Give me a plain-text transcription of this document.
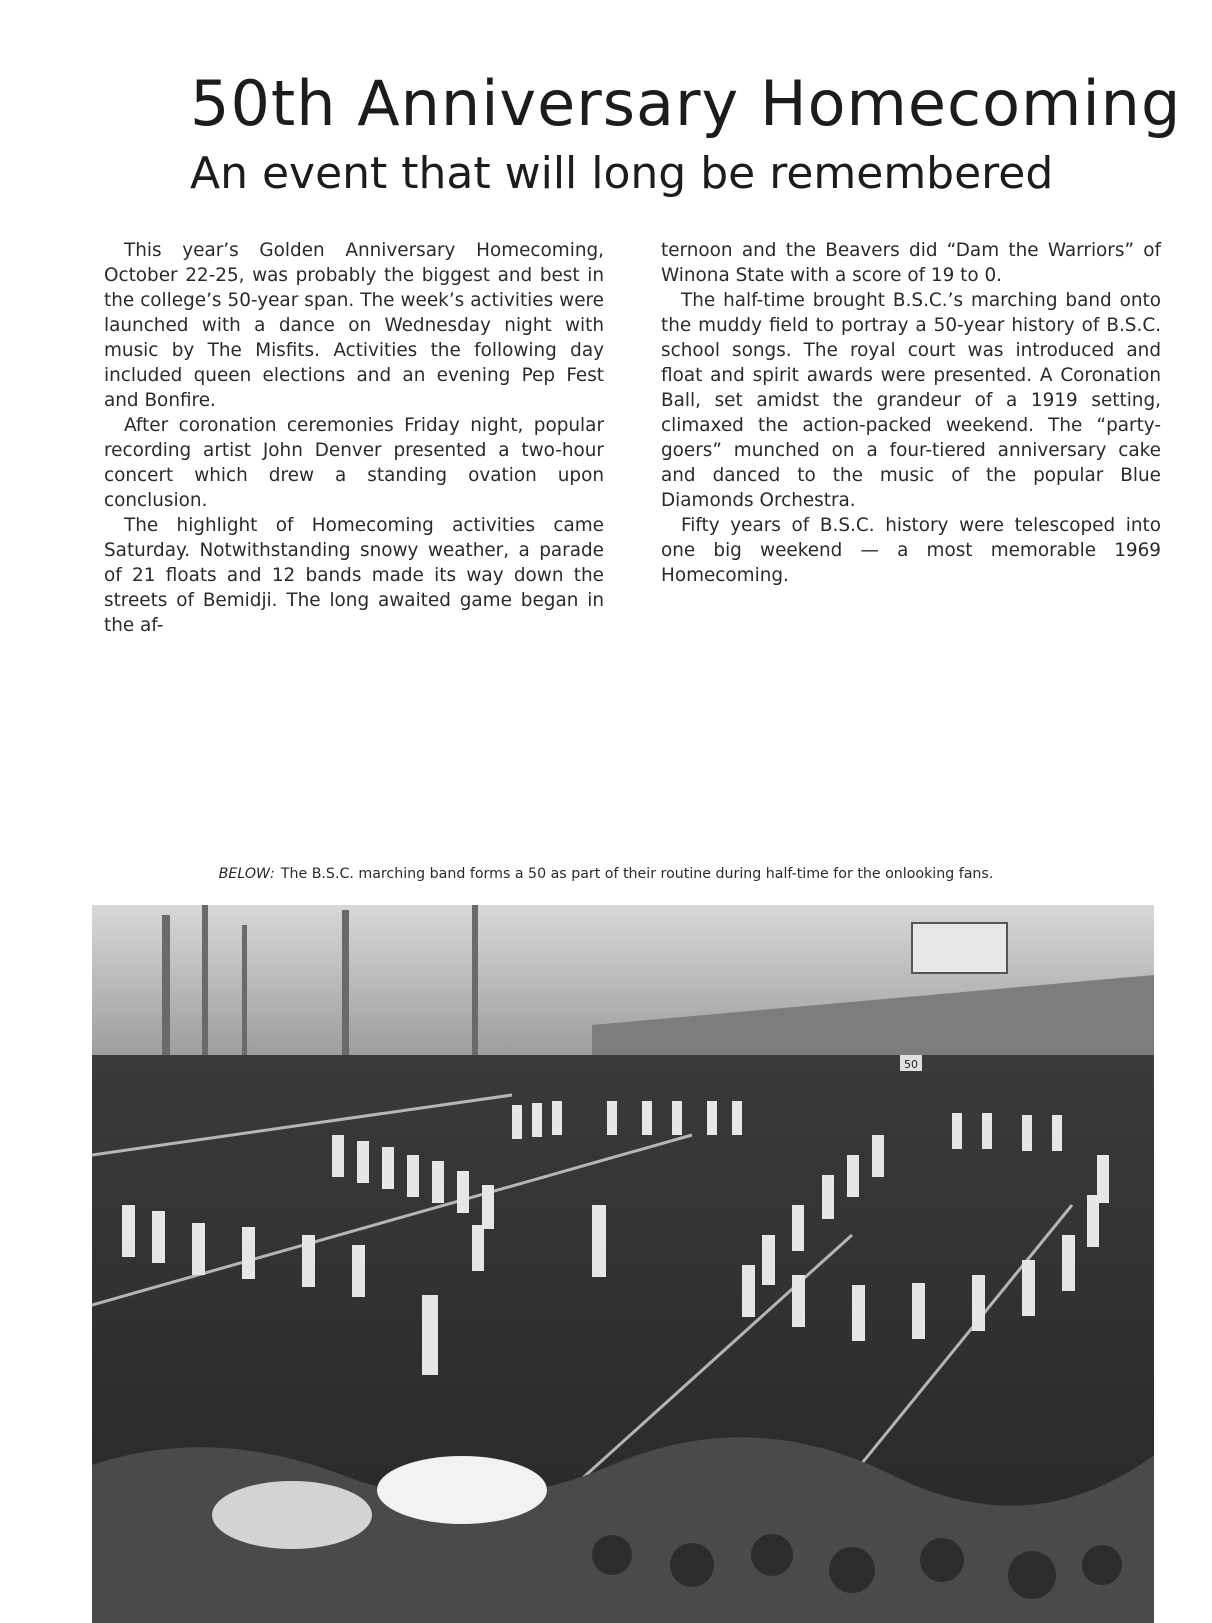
50th Anniversary Homecoming
An event that will long be remembered

This year’s Golden Anniversary Homecoming, October 22-25, was probably the biggest and best in the college’s 50-year span. The week’s activities were launched with a dance on Wednesday night with music by The Misfits. Activities the following day included queen elections and an evening Pep Fest and Bonfire.

After coronation ceremonies Friday night, popular recording artist John Denver presented a two-hour concert which drew a standing ovation upon conclusion.

The highlight of Homecoming activities came Saturday. Notwithstanding snowy weather, a parade of 21 floats and 12 bands made its way down the streets of Bemidji. The long awaited game began in the af-

ternoon and the Beavers did “Dam the Warriors” of Winona State with a score of 19 to 0.

The half-time brought B.S.C.’s marching band onto the muddy field to portray a 50-year history of B.S.C. school songs. The royal court was introduced and float and spirit awards were presented. A Coronation Ball, set amidst the grandeur of a 1919 setting, climaxed the action-packed weekend. The “party-goers” munched on a four-tiered anniversary cake and danced to the music of the popular Blue Diamonds Orchestra.

Fifty years of B.S.C. history were telescoped into one big weekend — a most memorable 1969 Homecoming.

BELOW: The B.S.C. marching band forms a 50 as part of their routine during half-time for the onlooking fans.

50
